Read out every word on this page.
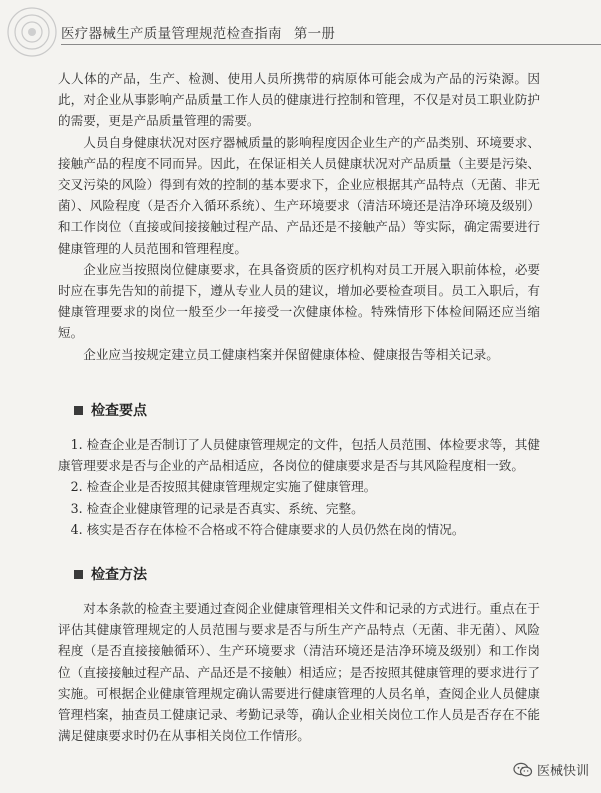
医疗器械生产质量管理规范检查指南 第一册

人人体的产品，生产、检测、使用人员所携带的病原体可能会成为产品的污染源。因此，对企业从事影响产品质量工作人员的健康进行控制和管理，不仅是对员工职业防护的需要，更是产品质量管理的需要。

人员自身健康状况对医疗器械质量的影响程度因企业生产的产品类别、环境要求、接触产品的程度不同而异。因此，在保证相关人员健康状况对产品质量（主要是污染、交叉污染的风险）得到有效的控制的基本要求下，企业应根据其产品特点（无菌、非无菌）、风险程度（是否介入循环系统）、生产环境要求（清洁环境还是洁净环境及级别）和工作岗位（直接或间接接触过程产品、产品还是不接触产品）等实际，确定需要进行健康管理的人员范围和管理程度。

企业应当按照岗位健康要求，在具备资质的医疗机构对员工开展入职前体检，必要时应在事先告知的前提下，遵从专业人员的建议，增加必要检查项目。员工入职后，有健康管理要求的岗位一般至少一年接受一次健康体检。特殊情形下体检间隔还应当缩短。

企业应当按规定建立员工健康档案并保留健康体检、健康报告等相关记录。

检查要点

1. 检查企业是否制订了人员健康管理规定的文件，包括人员范围、体检要求等，其健康管理要求是否与企业的产品相适应，各岗位的健康要求是否与其风险程度相一致。

2. 检查企业是否按照其健康管理规定实施了健康管理。

3. 检查企业健康管理的记录是否真实、系统、完整。

4. 核实是否存在体检不合格或不符合健康要求的人员仍然在岗的情况。

检查方法

对本条款的检查主要通过查阅企业健康管理相关文件和记录的方式进行。重点在于评估其健康管理规定的人员范围与要求是否与所生产产品特点（无菌、非无菌）、风险程度（是否直接接触循环）、生产环境要求（清洁环境还是洁净环境及级别）和工作岗位（直接接触过程产品、产品还是不接触）相适应；是否按照其健康管理的要求进行了实施。可根据企业健康管理规定确认需要进行健康管理的人员名单，查阅企业人员健康管理档案，抽查员工健康记录、考勤记录等，确认企业相关岗位工作人员是否存在不能满足健康要求时仍在从事相关岗位工作情形。

医械快训
